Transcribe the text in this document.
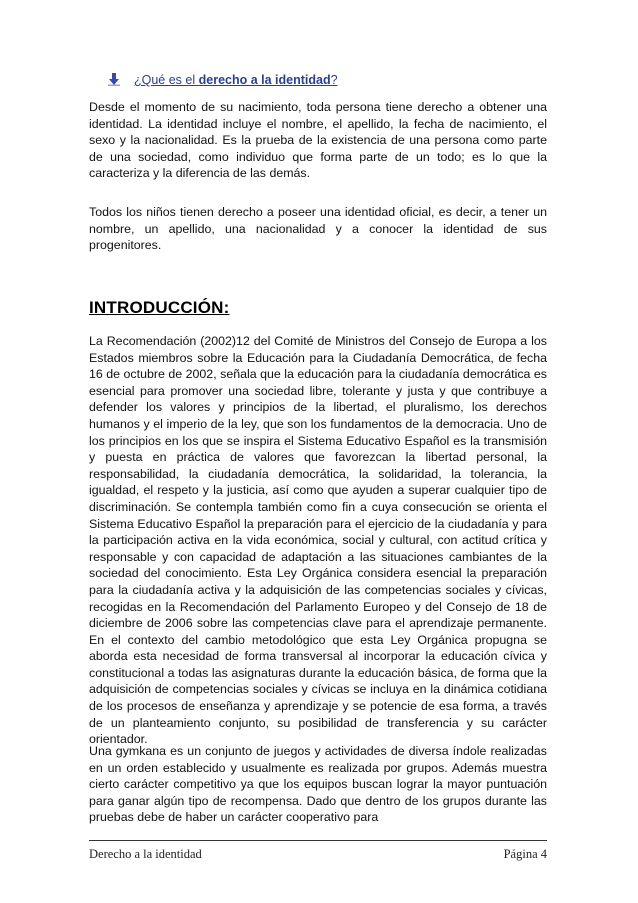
¿Qué es el derecho a la identidad?

Desde el momento de su nacimiento, toda persona tiene derecho a obtener una identidad. La identidad incluye el nombre, el apellido, la fecha de nacimiento, el sexo y la nacionalidad. Es la prueba de la existencia de una persona como parte de una sociedad, como individuo que forma parte de un todo; es lo que la caracteriza y la diferencia de las demás.

Todos los niños tienen derecho a poseer una identidad oficial, es decir, a tener un nombre, un apellido, una nacionalidad y a conocer la identidad de sus progenitores.

INTRODUCCIÓN:

La Recomendación (2002)12 del Comité de Ministros del Consejo de Europa a los Estados miembros sobre la Educación para la Ciudadanía Democrática, de fecha 16 de octubre de 2002, señala que la educación para la ciudadanía democrática es esencial para promover una sociedad libre, tolerante y justa y que contribuye a defender los valores y principios de la libertad, el pluralismo, los derechos humanos y el imperio de la ley, que son los fundamentos de la democracia. Uno de los principios en los que se inspira el Sistema Educativo Español es la transmisión y puesta en práctica de valores que favorezcan la libertad personal, la responsabilidad, la ciudadanía democrática, la solidaridad, la tolerancia, la igualdad, el respeto y la justicia, así como que ayuden a superar cualquier tipo de discriminación. Se contempla también como fin a cuya consecución se orienta el Sistema Educativo Español la preparación para el ejercicio de la ciudadanía y para la participación activa en la vida económica, social y cultural, con actitud crítica y responsable y con capacidad de adaptación a las situaciones cambiantes de la sociedad del conocimiento. Esta Ley Orgánica considera esencial la preparación para la ciudadanía activa y la adquisición de las competencias sociales y cívicas, recogidas en la Recomendación del Parlamento Europeo y del Consejo de 18 de diciembre de 2006 sobre las competencias clave para el aprendizaje permanente. En el contexto del cambio metodológico que esta Ley Orgánica propugna se aborda esta necesidad de forma transversal al incorporar la educación cívica y constitucional a todas las asignaturas durante la educación básica, de forma que la adquisición de competencias sociales y cívicas se incluya en la dinámica cotidiana de los procesos de enseñanza y aprendizaje y se potencie de esa forma, a través de un planteamiento conjunto, su posibilidad de transferencia y su carácter orientador.

Una gymkana es un conjunto de juegos y actividades de diversa índole realizadas en un orden establecido y usualmente es realizada por grupos. Además muestra cierto carácter competitivo ya que los equipos buscan lograr la mayor puntuación para ganar algún tipo de recompensa. Dado que dentro de los grupos durante las pruebas debe de haber un carácter cooperativo para

Derecho a la identidad	Página 4
